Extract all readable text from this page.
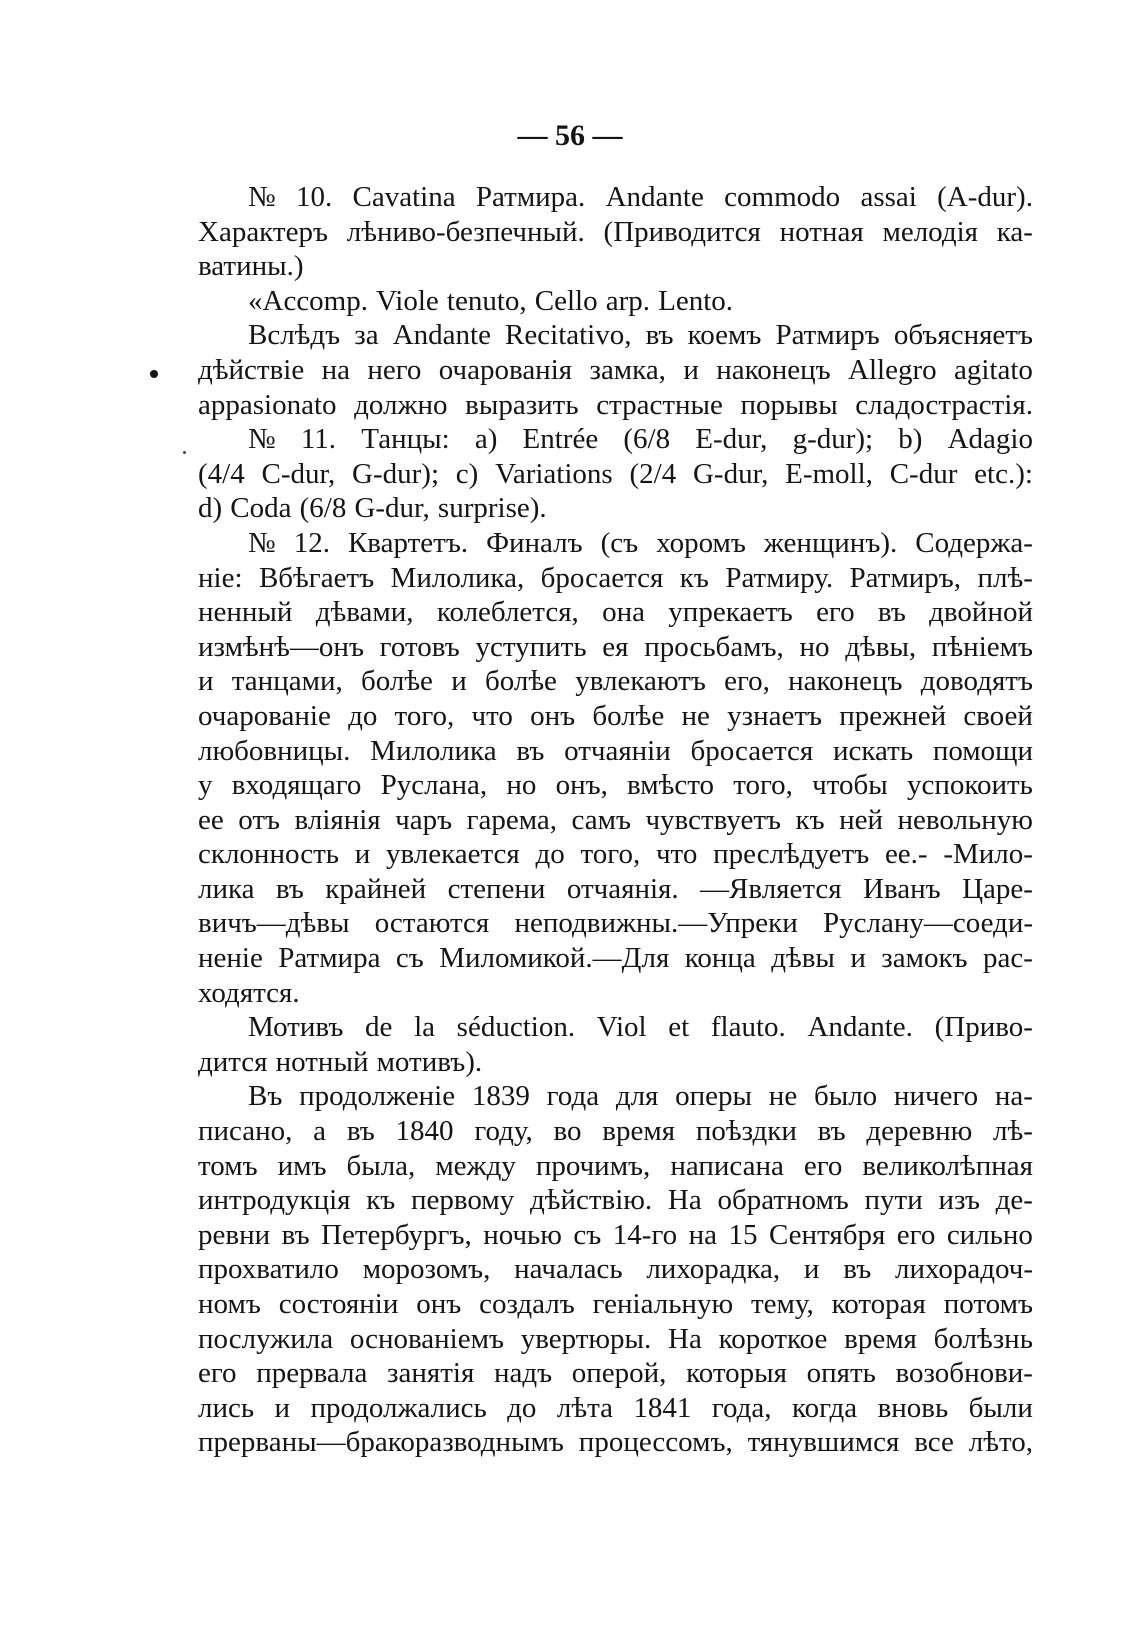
— 56 —
№ 10. Cavatina Ратмира. Andante commodo assai (A-dur).
Характеръ лѣниво-безпечный. (Приводится нотная мелодія ка-
ватины.)
«Accomp. Viole tenuto, Cello arp. Lento.
Вслѣдъ за Andante Recitativo, въ коемъ Ратмиръ объясняетъ
дѣйствіе на него очарованія замка, и наконецъ Allegro agitato
appasionato должно выразить страстные порывы сладострастія.
№ 11. Танцы: a) Entrée (6/8 E-dur, g-dur); b) Adagio
(4/4 C-dur, G-dur); c) Variations (2/4 G-dur, E-moll, C-dur etc.):
d) Coda (6/8 G-dur, surprise).
№ 12. Квартетъ. Финалъ (съ хоромъ женщинъ). Содержа-
ніе: Вбѣгаетъ Милолика, бросается къ Ратмиру. Ратмиръ, плѣ-
ненный дѣвами, колеблется, она упрекаетъ его въ двойной
измѣнѣ—онъ готовъ уступить ея просьбамъ, но дѣвы, пѣніемъ
и танцами, болѣе и болѣе увлекаютъ его, наконецъ доводятъ
очарованіе до того, что онъ болѣе не узнаетъ прежней своей
любовницы. Милолика въ отчаяніи бросается искать помощи
у входящаго Руслана, но онъ, вмѣсто того, чтобы успокоить
ее отъ вліянія чаръ гарема, самъ чувствуетъ къ ней невольную
склонность и увлекается до того, что преслѣдуетъ ее.- -Мило-
лика въ крайней степени отчаянія. —Является Иванъ Царе-
вичъ—дѣвы остаются неподвижны.—Упреки Руслану—соеди-
неніе Ратмира съ Миломикой.—Для конца дѣвы и замокъ рас-
ходятся.
Мотивъ de la séduction. Viol et flauto. Andante. (Приво-
дится нотный мотивъ).
Въ продолженіе 1839 года для оперы не было ничего на-
писано, а въ 1840 году, во время поѣздки въ деревню лѣ-
томъ имъ была, между прочимъ, написана его великолѣпная
интродукція къ первому дѣйствію. На обратномъ пути изъ де-
ревни въ Петербургъ, ночью съ 14-го на 15 Сентября его сильно
прохватило морозомъ, началась лихорадка, и въ лихорадоч-
номъ состояніи онъ создалъ геніальную тему, которая потомъ
послужила основаніемъ увертюры. На короткое время болѣзнь
его прервала занятія надъ оперой, которыя опять возобнови-
лись и продолжались до лѣта 1841 года, когда вновь были
прерваны—бракоразводнымъ процессомъ, тянувшимся все лѣто,
